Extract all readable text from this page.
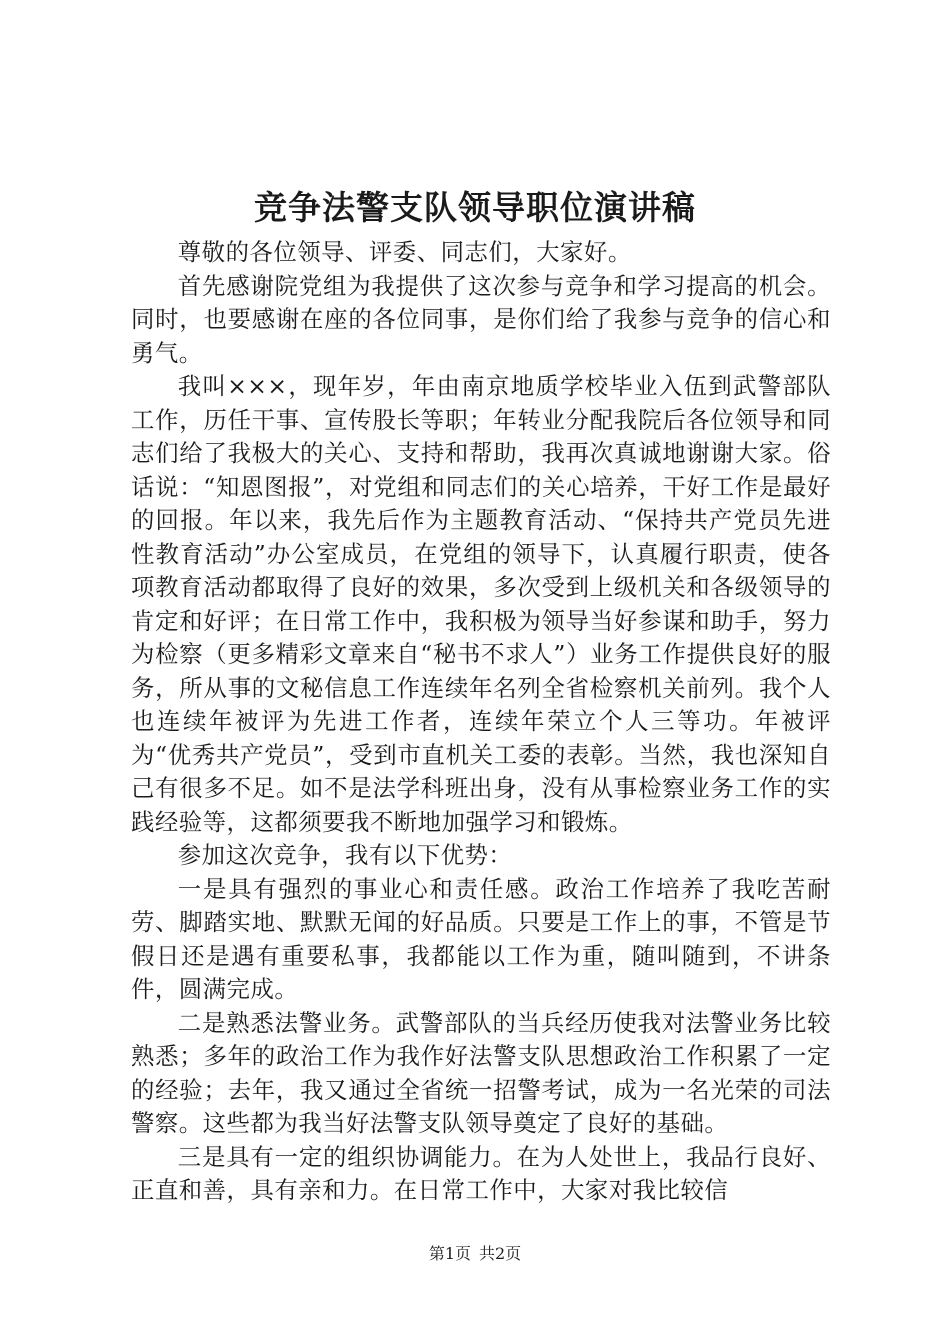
竞争法警支队领导职位演讲稿

尊敬的各位领导、评委、同志们，大家好。

首先感谢院党组为我提供了这次参与竞争和学习提高的机会。同时，也要感谢在座的各位同事，是你们给了我参与竞争的信心和勇气。

我叫×××，现年岁，年由南京地质学校毕业入伍到武警部队工作，历任干事、宣传股长等职；年转业分配我院后各位领导和同志们给了我极大的关心、支持和帮助，我再次真诚地谢谢大家。俗话说：“知恩图报”，对党组和同志们的关心培养，干好工作是最好的回报。年以来，我先后作为主题教育活动、“保持共产党员先进性教育活动”办公室成员，在党组的领导下，认真履行职责，使各项教育活动都取得了良好的效果，多次受到上级机关和各级领导的肯定和好评；在日常工作中，我积极为领导当好参谋和助手，努力为检察（更多精彩文章来自“秘书不求人”）业务工作提供良好的服务，所从事的文秘信息工作连续年名列全省检察机关前列。我个人也连续年被评为先进工作者，连续年荣立个人三等功。年被评为“优秀共产党员”，受到市直机关工委的表彰。当然，我也深知自己有很多不足。如不是法学科班出身，没有从事检察业务工作的实践经验等，这都须要我不断地加强学习和锻炼。

参加这次竞争，我有以下优势：

一是具有强烈的事业心和责任感。政治工作培养了我吃苦耐劳、脚踏实地、默默无闻的好品质。只要是工作上的事，不管是节假日还是遇有重要私事，我都能以工作为重，随叫随到，不讲条件，圆满完成。

二是熟悉法警业务。武警部队的当兵经历使我对法警业务比较熟悉；多年的政治工作为我作好法警支队思想政治工作积累了一定的经验；去年，我又通过全省统一招警考试，成为一名光荣的司法警察。这些都为我当好法警支队领导奠定了良好的基础。

三是具有一定的组织协调能力。在为人处世上，我品行良好、正直和善，具有亲和力。在日常工作中，大家对我比较信

第1页 共2页
